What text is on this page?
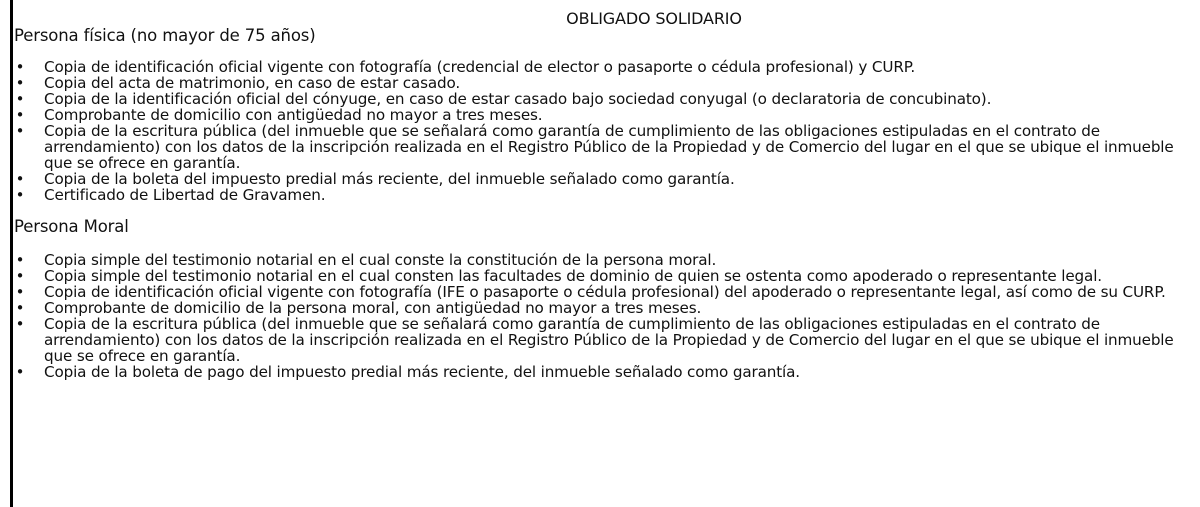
OBLIGADO SOLIDARIO
Persona física (no mayor de 75 años)
• Copia de identificación oficial vigente con fotografía (credencial de elector o pasaporte o cédula profesional) y CURP.
• Copia del acta de matrimonio, en caso de estar casado.
• Copia de la identificación oficial del cónyuge, en caso de estar casado bajo sociedad conyugal (o declaratoria de concubinato).
• Comprobante de domicilio con antigüedad no mayor a tres meses.
• Copia de la escritura pública (del inmueble que se señalará como garantía de cumplimiento de las obligaciones estipuladas en el contrato de arrendamiento) con los datos de la inscripción realizada en el Registro Público de la Propiedad y de Comercio del lugar en el que se ubique el inmueble que se ofrece en garantía.
• Copia de la boleta del impuesto predial más reciente, del inmueble señalado como garantía.
• Certificado de Libertad de Gravamen.
Persona Moral
• Copia simple del testimonio notarial en el cual conste la constitución de la persona moral.
• Copia simple del testimonio notarial en el cual consten las facultades de dominio de quien se ostenta como apoderado o representante legal.
• Copia de identificación oficial vigente con fotografía (IFE o pasaporte o cédula profesional) del apoderado o representante legal, así como de su CURP.
• Comprobante de domicilio de la persona moral, con antigüedad no mayor a tres meses.
• Copia de la escritura pública (del inmueble que se señalará como garantía de cumplimiento de las obligaciones estipuladas en el contrato de arrendamiento) con los datos de la inscripción realizada en el Registro Público de la Propiedad y de Comercio del lugar en el que se ubique el inmueble que se ofrece en garantía.
• Copia de la boleta de pago del impuesto predial más reciente, del inmueble señalado como garantía.
